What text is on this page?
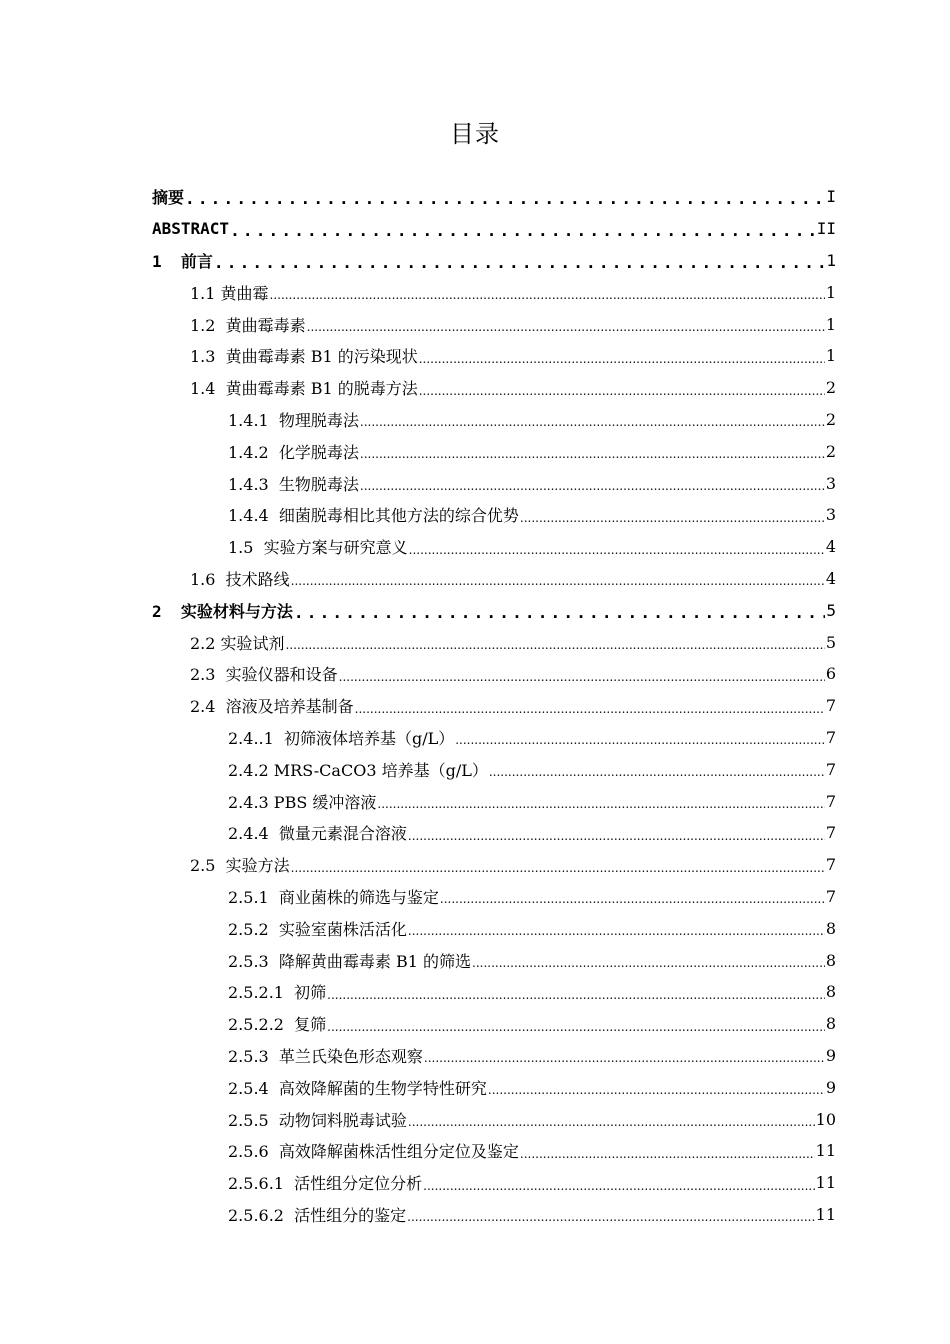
目录
摘要 .....	I
ABSTRACT .....	II
1  前言 .....	1
1.1 黄曲霉 .....	1
1.2  黄曲霉毒素 .....	1
1.3  黄曲霉毒素 B1 的污染现状 .....	1
1.4  黄曲霉毒素 B1 的脱毒方法 .....	2
1.4.1  物理脱毒法 .....	2
1.4.2  化学脱毒法 .....	2
1.4.3  生物脱毒法 .....	3
1.4.4  细菌脱毒相比其他方法的综合优势 .....	3
1.5  实验方案与研究意义 .....	4
1.6  技术路线 .....	4
2  实验材料与方法 .....	5
2.2 实验试剂 .....	5
2.3  实验仪器和设备 .....	6
2.4  溶液及培养基制备 .....	7
2.4..1  初筛液体培养基（g/L） .....	7
2.4.2 MRS-CaCO3 培养基（g/L） .....	7
2.4.3 PBS 缓冲溶液 .....	7
2.4.4  微量元素混合溶液 .....	7
2.5  实验方法 .....	7
2.5.1  商业菌株的筛选与鉴定 .....	7
2.5.2  实验室菌株活活化 .....	8
2.5.3  降解黄曲霉毒素 B1 的筛选 .....	8
2.5.2.1  初筛 .....	8
2.5.2.2  复筛 .....	8
2.5.3  革兰氏染色形态观察 .....	9
2.5.4  高效降解菌的生物学特性研究 .....	9
2.5.5  动物饲料脱毒试验 .....	10
2.5.6  高效降解菌株活性组分定位及鉴定 .....	11
2.5.6.1  活性组分定位分析 .....	11
2.5.6.2  活性组分的鉴定 .....	11
